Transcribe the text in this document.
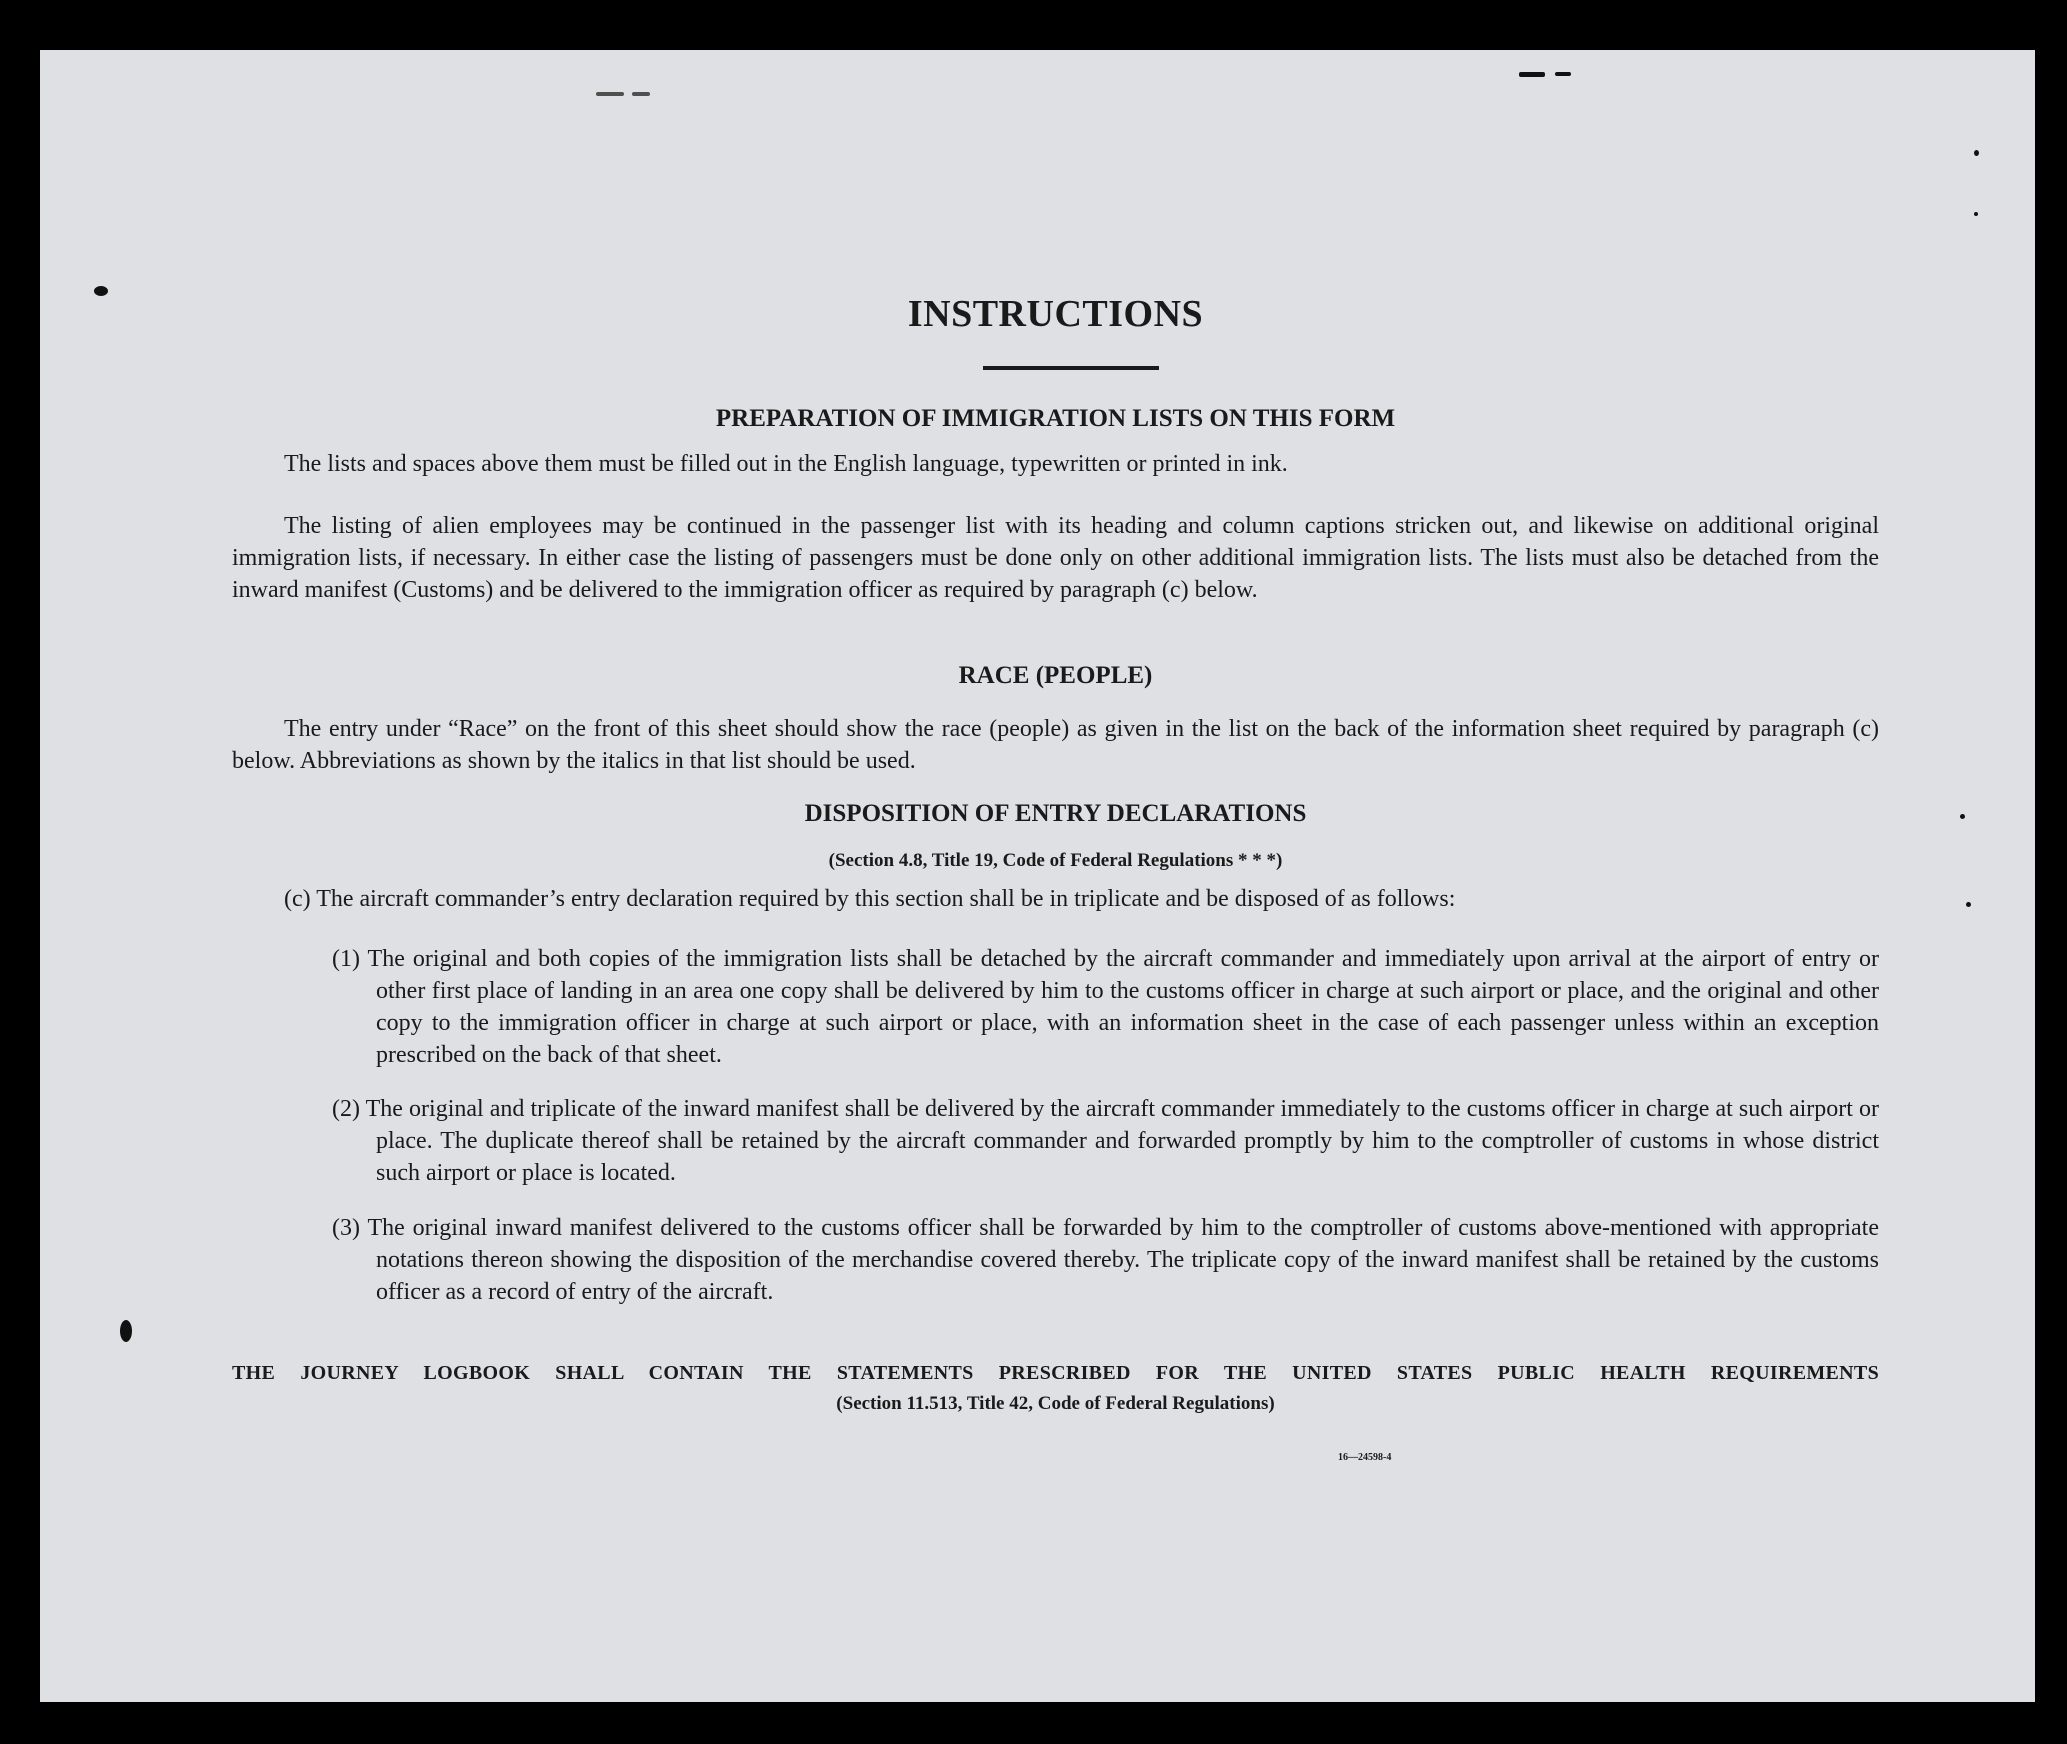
INSTRUCTIONS
PREPARATION OF IMMIGRATION LISTS ON THIS FORM

The lists and spaces above them must be filled out in the English language, typewritten or printed in ink.

The listing of alien employees may be continued in the passenger list with its heading and column captions stricken out, and likewise on additional original immigration lists, if necessary. In either case the listing of passengers must be done only on other additional immigration lists. The lists must also be detached from the inward manifest (Customs) and be delivered to the immigration officer as required by paragraph (c) below.

RACE (PEOPLE)

The entry under “Race” on the front of this sheet should show the race (people) as given in the list on the back of the information sheet required by paragraph (c) below. Abbreviations as shown by the italics in that list should be used.

DISPOSITION OF ENTRY DECLARATIONS

(Section 4.8, Title 19, Code of Federal Regulations * * *)

(c) The aircraft commander’s entry declaration required by this section shall be in triplicate and be disposed of as follows:

(1) The original and both copies of the immigration lists shall be detached by the aircraft commander and immediately upon arrival at the airport of entry or other first place of landing in an area one copy shall be delivered by him to the customs officer in charge at such airport or place, and the original and other copy to the immigration officer in charge at such airport or place, with an information sheet in the case of each passenger unless within an exception prescribed on the back of that sheet.

(2) The original and triplicate of the inward manifest shall be delivered by the aircraft commander immediately to the customs officer in charge at such airport or place. The duplicate thereof shall be retained by the aircraft commander and forwarded promptly by him to the comptroller of customs in whose district such airport or place is located.

(3) The original inward manifest delivered to the customs officer shall be forwarded by him to the comptroller of customs above-mentioned with appropriate notations thereon showing the disposition of the merchandise covered thereby. The triplicate copy of the inward manifest shall be retained by the customs officer as a record of entry of the aircraft.

THE JOURNEY LOGBOOK SHALL CONTAIN THE STATEMENTS PRESCRIBED FOR THE UNITED STATES PUBLIC HEALTH REQUIREMENTS

(Section 11.513, Title 42, Code of Federal Regulations)

16—24598-4
